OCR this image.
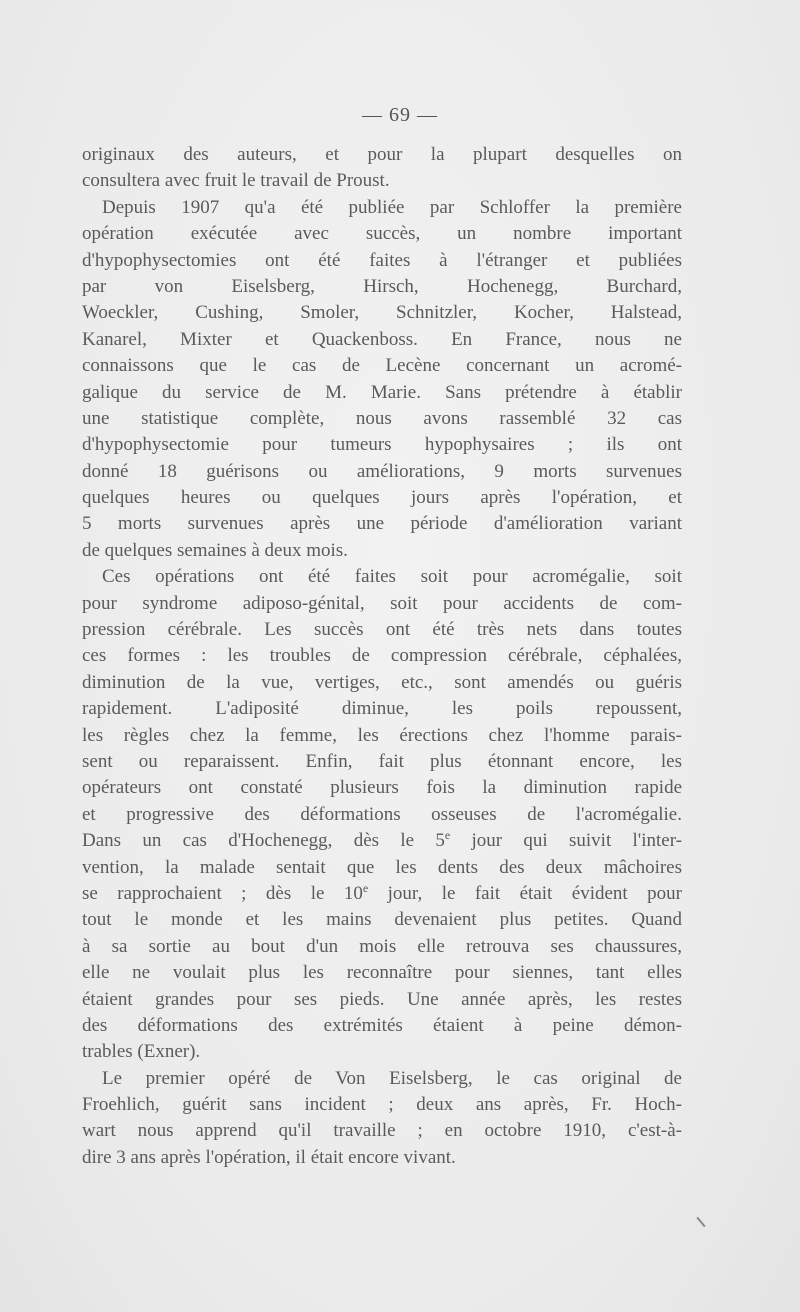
— 69 —
originaux des auteurs, et pour la plupart desquelles on
consultera avec fruit le travail de Proust.
Depuis 1907 qu'a été publiée par Schloffer la première
opération exécutée avec succès, un nombre important
d'hypophysectomies ont été faites à l'étranger et publiées
par von Eiselsberg, Hirsch, Hochenegg, Burchard,
Woeckler, Cushing, Smoler, Schnitzler, Kocher, Halstead,
Kanarel, Mixter et Quackenboss. En France, nous ne
connaissons que le cas de Lecène concernant un acromé-
galique du service de M. Marie. Sans prétendre à établir
une statistique complète, nous avons rassemblé 32 cas
d'hypophysectomie pour tumeurs hypophysaires ; ils ont
donné 18 guérisons ou améliorations, 9 morts survenues
quelques heures ou quelques jours après l'opération, et
5 morts survenues après une période d'amélioration variant
de quelques semaines à deux mois.
Ces opérations ont été faites soit pour acromégalie, soit
pour syndrome adiposo-génital, soit pour accidents de com-
pression cérébrale. Les succès ont été très nets dans toutes
ces formes : les troubles de compression cérébrale, céphalées,
diminution de la vue, vertiges, etc., sont amendés ou guéris
rapidement. L'adiposité diminue, les poils repoussent,
les règles chez la femme, les érections chez l'homme parais-
sent ou reparaissent. Enfin, fait plus étonnant encore, les
opérateurs ont constaté plusieurs fois la diminution rapide
et progressive des déformations osseuses de l'acromégalie.
Dans un cas d'Hochenegg, dès le 5e jour qui suivit l'inter-
vention, la malade sentait que les dents des deux mâchoires
se rapprochaient ; dès le 10e jour, le fait était évident pour
tout le monde et les mains devenaient plus petites. Quand
à sa sortie au bout d'un mois elle retrouva ses chaussures,
elle ne voulait plus les reconnaître pour siennes, tant elles
étaient grandes pour ses pieds. Une année après, les restes
des déformations des extrémités étaient à peine démon-
trables (Exner).
Le premier opéré de Von Eiselsberg, le cas original de
Froehlich, guérit sans incident ; deux ans après, Fr. Hoch-
wart nous apprend qu'il travaille ; en octobre 1910, c'est-à-
dire 3 ans après l'opération, il était encore vivant.
